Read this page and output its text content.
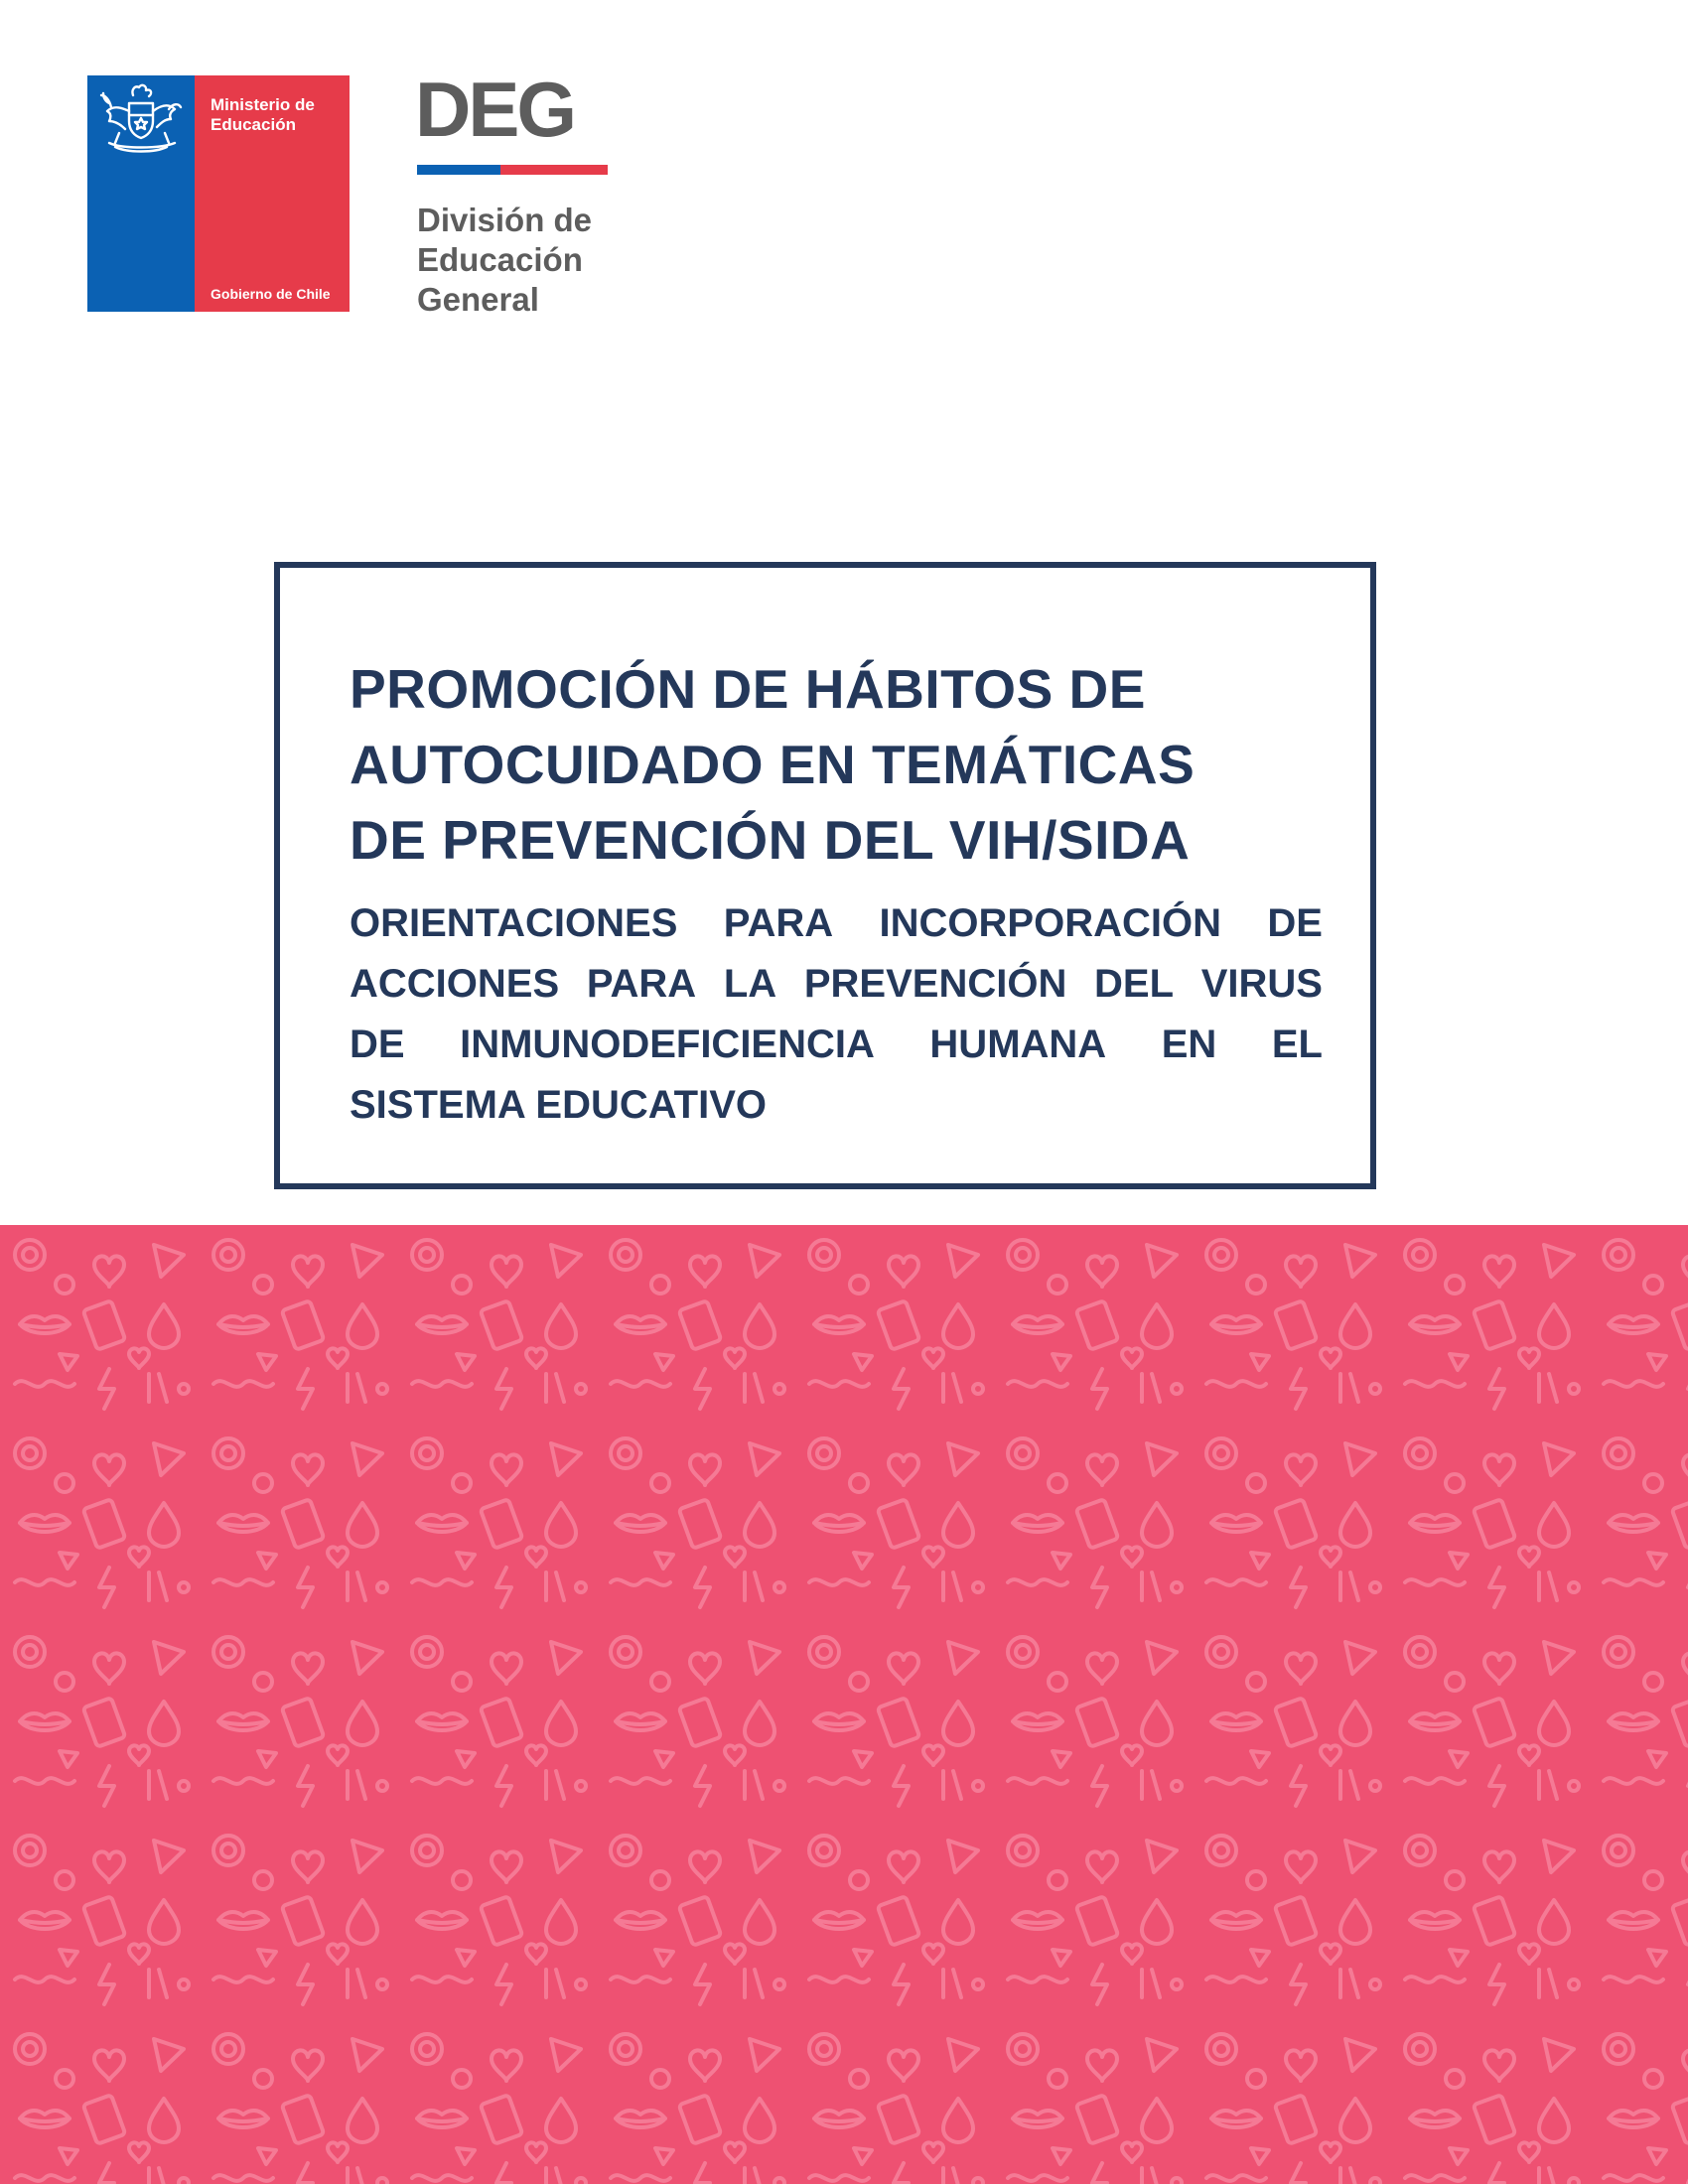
Ministerio de
Educación
Gobierno de Chile
DEG
División de
Educación
General
PROMOCIÓN DE HÁBITOS DE
AUTOCUIDADO EN TEMÁTICAS
DE PREVENCIÓN DEL VIH/SIDA
ORIENTACIONES PARA INCORPORACIÓN DE
ACCIONES PARA LA PREVENCIÓN DEL VIRUS
DE INMUNODEFICIENCIA HUMANA EN EL
SISTEMA EDUCATIVO
